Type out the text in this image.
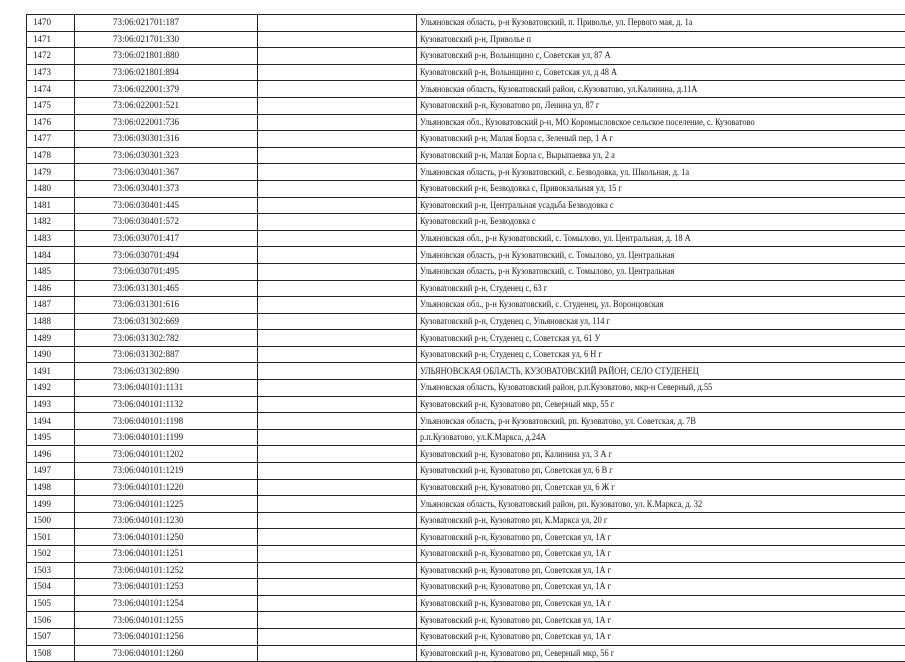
1470	73:06:021701:187		Ульяновская область, р-н Кузоватовский, п. Приволье, ул. Первого мая, д. 1а
1471	73:06:021701:330		Кузоватовский р-н, Приволье п
1472	73:06:021801:880		Кузоватовский р-н, Волынщино с, Советская ул, 87 А
1473	73:06:021801:894		Кузоватовский р-н, Волынщино с, Советская ул, д 48 А
1474	73:06:022001:379		Ульяновская область, Кузоватовский район, с.Кузоватово, ул.Калинина, д.11А
1475	73:06:022001:521		Кузоватовский р-н, Кузоватово рп, Ленина ул, 87 г
1476	73:06:022001:736		Ульяновская обл., Кузоватовский р-н, МО Коромысловское сельское поселение, с. Кузоватово
1477	73:06:030301:316		Кузоватовский р-н, Малая Борла с, Зеленый пер, 1 А г
1478	73:06:030301:323		Кузоватовский р-н, Малая Борла с, Вырыпаевка ул, 2 а
1479	73:06:030401:367		Ульяновская область, р-н Кузоватовский, с. Безводовка, ул. Школьная, д. 1а
1480	73:06:030401:373		Кузоватовский р-н, Безводовка с, Привокзальная ул, 15 г
1481	73:06:030401:445		Кузоватовский р-н, Центральная усадьба Безводовка с
1482	73:06:030401:572		Кузоватовский р-н, Безводовка с
1483	73:06:030701:417		Ульяновская обл., р-н Кузоватовский, с. Томылово, ул. Центральная, д. 18 А
1484	73:06:030701:494		Ульяновская область, р-н Кузоватовский, с. Томылово, ул. Центральная
1485	73:06:030701:495		Ульяновская область, р-н Кузоватовский, с. Томылово, ул. Центральная
1486	73:06:031301:465		Кузоватовский р-н, Студенец с, 63 г
1487	73:06:031301:616		Ульяновская обл., р-н Кузоватовский, с. Студенец, ул. Воронцовская
1488	73:06:031302:669		Кузоватовский р-н, Студенец с, Ульяновская ул, 114 г
1489	73:06:031302:782		Кузоватовский р-н, Студенец с, Советская ул, 61 У
1490	73:06:031302:887		Кузоватовский р-н, Студенец с, Советская ул, 6 Н г
1491	73:06:031302:890		УЛЬЯНОВСКАЯ ОБЛАСТЬ, КУЗОВАТОВСКИЙ РАЙОН, СЕЛО СТУДЕНЕЦ
1492	73:06:040101:1131		Ульяновская область, Кузоватовский район, р.п.Кузоватово, мкр-н Северный, д.55
1493	73:06:040101:1132		Кузоватовский р-н, Кузоватово рп, Северный мкр, 55 г
1494	73:06:040101:1198		Ульяновская область, р-н Кузоватовский, рп. Кузоватово, ул. Советская, д. 7В
1495	73:06:040101:1199		р.п.Кузоватово, ул.К.Маркса, д.24А
1496	73:06:040101:1202		Кузоватовский р-н, Кузоватово рп, Калинина ул, 3 А г
1497	73:06:040101:1219		Кузоватовский р-н, Кузоватово рп, Советская ул, 6 В г
1498	73:06:040101:1220		Кузоватовский р-н, Кузоватово рп, Советская ул, 6 Ж г
1499	73:06:040101:1225		Ульяновская область, Кузоватовский район, рп. Кузоватово, ул. К.Маркса, д. 32
1500	73:06:040101:1230		Кузоватовский р-н, Кузоватово рп, К.Маркса ул, 20 г
1501	73:06:040101:1250		Кузоватовский р-н, Кузоватово рп, Советская ул, 1А г
1502	73:06:040101:1251		Кузоватовский р-н, Кузоватово рп, Советская ул, 1А г
1503	73:06:040101:1252		Кузоватовский р-н, Кузоватово рп, Советская ул, 1А г
1504	73:06:040101:1253		Кузоватовский р-н, Кузоватово рп, Советская ул, 1А г
1505	73:06:040101:1254		Кузоватовский р-н, Кузоватово рп, Советская ул, 1А г
1506	73:06:040101:1255		Кузоватовский р-н, Кузоватово рп, Советская ул, 1А г
1507	73:06:040101:1256		Кузоватовский р-н, Кузоватово рп, Советская ул, 1А г
1508	73:06:040101:1260		Кузоватовский р-н, Кузоватово рп, Северный мкр, 56 г
